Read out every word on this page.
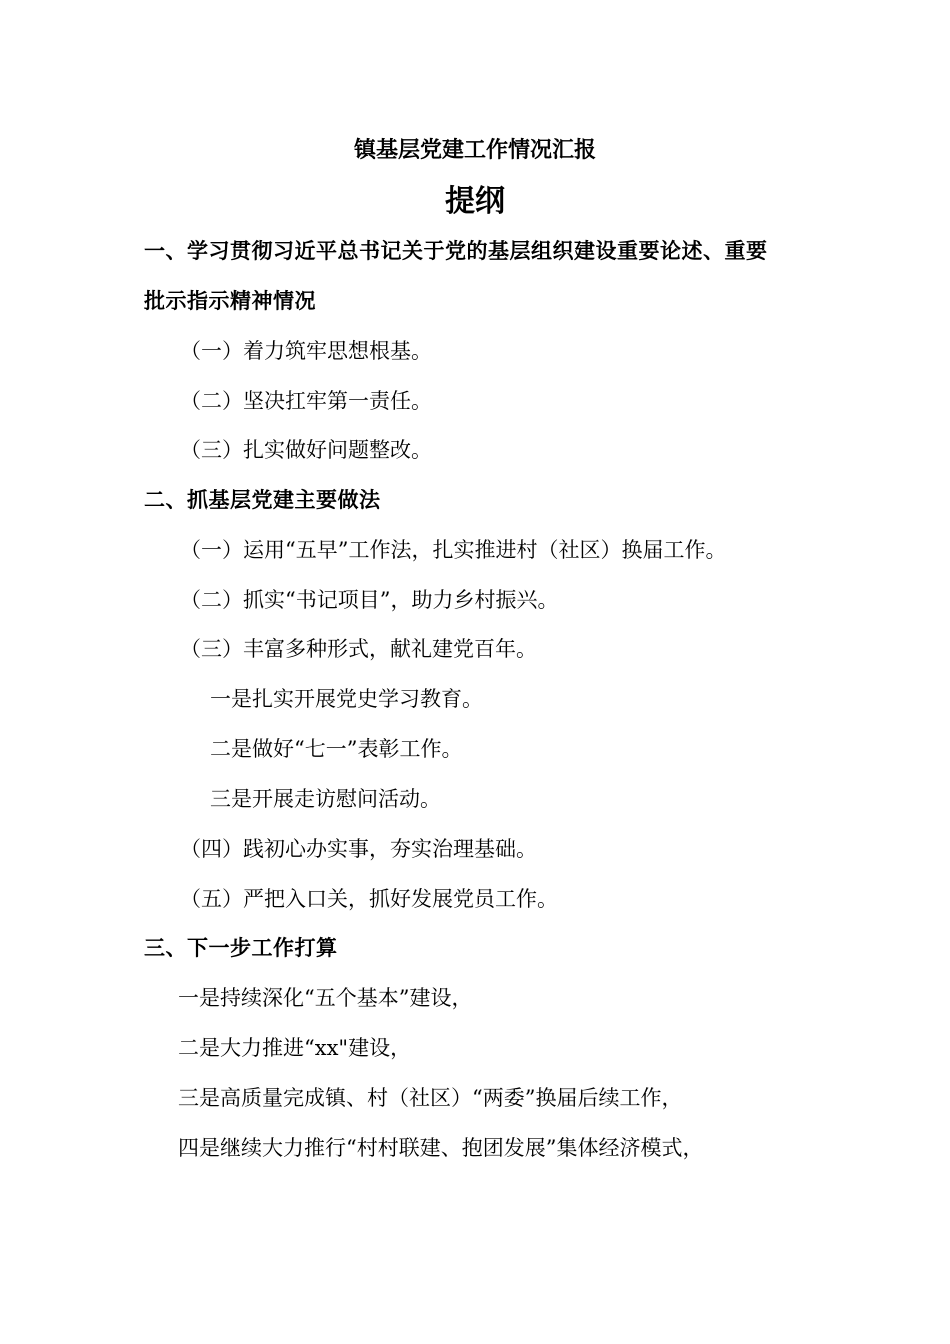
镇基层党建工作情况汇报
提纲
一、学习贯彻习近平总书记关于党的基层组织建设重要论述、重要
批示指示精神情况
（一）着力筑牢思想根基。
（二）坚决扛牢第一责任。
（三）扎实做好问题整改。
二、抓基层党建主要做法
（一）运用“五早”工作法，扎实推进村（社区）换届工作。
（二）抓实“书记项目”，助力乡村振兴。
（三）丰富多种形式，献礼建党百年。
一是扎实开展党史学习教育。
二是做好“七一”表彰工作。
三是开展走访慰问活动。
（四）践初心办实事，夯实治理基础。
（五）严把入口关，抓好发展党员工作。
三、下一步工作打算
一是持续深化“五个基本”建设，
二是大力推进“xx"建设，
三是高质量完成镇、村（社区）“两委”换届后续工作，
四是继续大力推行“村村联建、抱团发展”集体经济模式，
